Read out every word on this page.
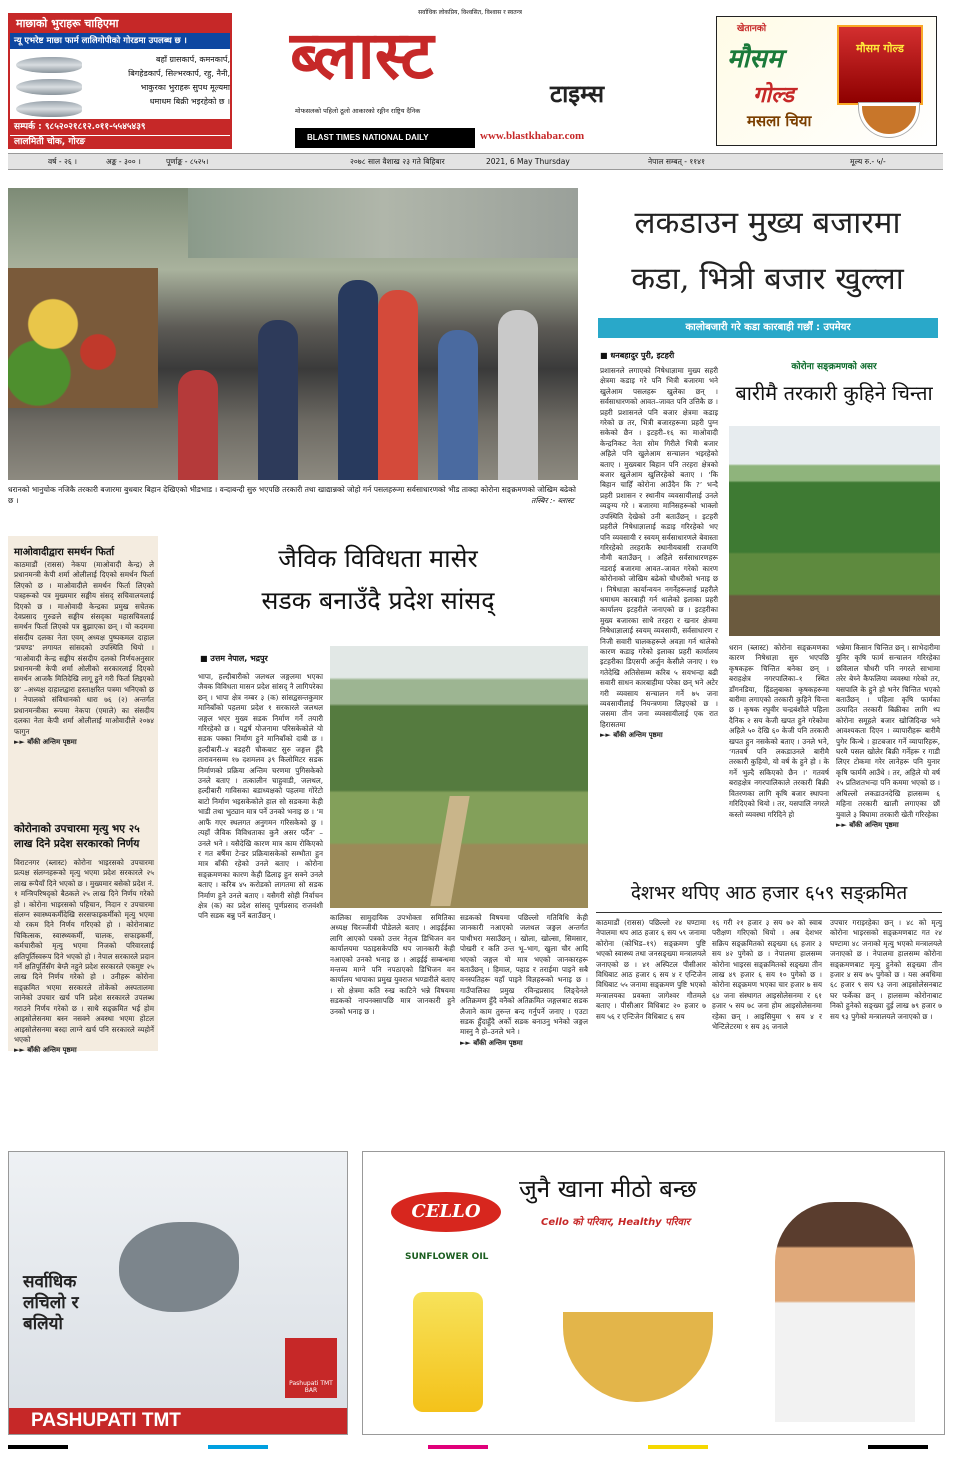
माछाको भुराहरू चाहिएमा
न्यू एभरेष्ट माछा फार्म लालिगोपीको गोरडमा उपलब्ध छ ।
बहाँ ग्रासकार्प, कमनकार्प,
बिगहेडकार्प, सिल्भरकार्प, रहु, नैनी,
भाकुरका भुराहरू सुपथ मूल्यमा
धमाधम बिक्री भइरहेको छ ।
सम्पर्क : ९८५२०२१८१२.०११-५५४५४३९
लालमिती चोक, गोरङ
सर्वाधिक लोकप्रिय, विश्वसित, विश्वास र स्वतन्त्र
ब्लास्ट	टाइम्स
मोफसलको पहिलो ठूलो आकारको रङ्गीन राष्ट्रिय दैनिक
BLAST TIMES NATIONAL DAILY	www.blastkhabar.com
खेतानको
मौसम
गोल्ड
मसला चिया
मौसम गोल्ड
वर्ष - २६ ।	अङ्क - ३०० ।	पूर्णाङ्क - ८५२५।	२०७८ साल वैशाख २३ गते बिहिबार	2021, 6 May Thursday	नेपाल सम्बत् - ११४१	मूल्य रु.- ५/-
धरानको भानुचोक नजिकै तरकारी बजारमा बुधबार बिहान देखिएको भीडभाड । वन्दाबन्दी सुरु भएपछि तरकारी तथा खाद्यान्नको जोहो गर्न पसलहरूमा सर्वसाधारणको भीड ताक्दा कोरोना सङ्क्रमणको जोखिम बढेको छ ।	तस्बिर :- ब्लास्ट
लकडाउन मुख्य बजारमा
कडा, भित्री बजार खुल्ला
कालोबजारी गरे कडा कारबाही गर्छौं : उपमेयर
■ धनबहादुर पुरी, इटहरी
प्रशासनले लगाएको निषेधाज्ञामा मुख्य सहरी क्षेत्रमा कडाइ गरे पनि भित्री बजारमा भने खुलेआम पसलहरू खुलेका छन् । सर्वसाधारणको आवत–जावत पनि उत्तिकै छ । प्रहरी प्रशासनले पनि बजार क्षेत्रमा कडाइ गरेको छ तर, भित्री बजारहरूमा प्रहरी पुग्न सकेको छैन । इटहरी–१६ का माओवादी केन्द्रनिकट नेता सोम गिरीले भित्री बजार अहिले पनि खुलेआम सन्चालन भइरहेको बताए । मुख्यबार बिहान पनि तरहरा क्षेत्रको बजार खुलेआम खुलिरहेको बताए । ‘कि बिहान चाहिँ कोरोना आउँदैन कि ?’ भन्दै प्रहरी प्रशासन र स्थानीय व्यवसायीलाई उनले व्यङ्ग्य गरे । बजारमा मानिसहरूको भाक्लो उपस्थिति देखेको उनी बताउँछन् । इटहरी प्रहरीले निषेधाज्ञालाई कडाइ गरिरहेको भए पनि व्यवसायी र स्वयम् सर्वसाधारणले बेवास्ता गरिरहेको तरहराकै स्थानीयबासी राजमणि नौमी बताउँछन् । अहिले सर्वसाधारणहरू नडराई बजारमा आवत–जावत गरेको कारण कोरोनाको जोखिम बढेको चौधरीको भनाइ छ । निषेधाज्ञा कार्यान्वयन नगर्नेहरूलाई प्रहरीले धमाधम कारबाही गर्न थालेको इलाका प्रहरी कार्यालय इटहरीले जनाएको छ । इटहरीका मुख्य बजारका साथै तरहरा र खनार क्षेत्रमा निषेधाज्ञालाई स्वयम् व्यवसायी, सर्वसाधारण र निजी सवारी चालकहरूले अवज्ञा गर्न थालेको कारण कडाइ गरेको इलाका प्रहरी कार्यालय इटहरीका डिएसपी अर्जुन केसीले जनाए । १७ गतेदेखि अतिसेसम्म करिब ५ सयभन्दा बढी सवारी साधन कारबाहीमा परेका छन् भने अटेर गरी व्यवसाय सन्चालन गर्ने ७५ जना व्यवसायीलाई नियन्त्रणमा लिइएको छ । जसमा तीन जना व्यवसायीलाई एक रात हिरासतमा
►► बाँकी अन्तिम पृष्ठमा
कोरोना सङ्क्रमणको असर
बारीमै तरकारी कुहिने चिन्ता
धरान (ब्लास्ट) कोरोना सङ्क्रमणका कारण निषेधाज्ञा सुरु भएपछि कृषकहरू चिन्तित बनेका छन् । बराहक्षेत्र नगरपालिका–१ स्थित डाँगनडिया, हिंडलुबाका कृषकहरूमा बारीमा लगाएको तरकारी कुहिने चिन्ता छ । कृषक रघुवीर चन्द्रबंशीले पहिला दैनिक २ सय केजी खपत हुने गरेकोमा अहिले ५० देखि ६० केजी पनि तरकारी खपत हुन नसकेको बताए । उनले भने, ‘गतवर्ष पनि लकडाउनले बारीमै तरकारी कुहियो, यो वर्ष के हुने हो । के गर्ने भुल्दै सकिएको छैन ।’ गतवर्ष बराहक्षेत्र नगरपालिकाले तरकारी बिक्री वितरणका लागि कृषि बजार स्थापना गरिदिएको थियो । तर, यसपालि नगरले कस्तो व्यवस्था गरिदिने हो
भन्नेमा किसान चिन्तित छन् । साभेदारीमा युनिर कृषि फार्म सन्चालन गरिरहेका छविलाल चौधरी पनि नगरले साभामा तरेर बेच्ने कैफलिया व्यवस्था गरेको तर, यसपालि के हुने हो भनेर चिन्तित भएको बताउँछन् । पहिला कृषि फार्मका उत्पादित तरकारी बिक्रीका लागि थ्प कोरोना समूहले बजार खोजिदिन्छ भने आवश्यकता दिएन । व्यापारीहरू बारीमै पुगेर किन्थे । हाटबजार गर्ने व्यापारिहरू, घरमै पसल खोलेर बिक्री गर्नेहरू र गाडी लिएर टोकमा गरेर लानेहरू पनि युनार कृषि फार्ममै आउँथे । तर, अहिले यो वर्ष २५ प्रतिशतभन्दा पनि कममा भएको छ । अघिल्लो लकडाउनदेखि हालसम्म ६ महिना तरकारी खाली लगाएका छौं युवाले ३ बिघामा तरकारी खेती गरिरहेका
►► बाँकी अन्तिम पृष्ठमा
देशभर थपिए आठ हजार ६५९ सङ्क्रमित
काठमाडौं (रासस) पछिल्लो २४ घण्टामा नेपालमा थप आठ हजार ६ सय ५९ जनामा कोरोना (कोभिड–१९) सङ्क्रमण पुष्टि भएको स्वास्थ्य तथा जनसङ्ख्या मन्त्रालयले जनाएको छ । ४१ अस्पिटल पीसीआर विधिबाट आठ हजार ६ सय ४ र एन्टिजेन विधिबाट ५५ जनामा सङ्क्रमण पुष्टि भएको मन्त्रालयका प्रवक्ता जागेश्वर गौतमले बताए । पीसीआर विधिबाट २० हजार ७ सय ५६ र एन्टिजेन विधिबाट ६ सय
१६ गरी २१ हजार ३ सय ७२ को स्वाब परीक्षण गरिएको थियो । अब देशभर सक्रिय सङ्क्रमितको सङ्ख्या ६६ हजार ३ सय ४२ पुगेको छ । नेपालमा हालसम्म कोरोना भाइरस सङ्क्रमितको सङ्ख्या तीन लाख ४९ हजार ६ सय १० पुगेको छ । कोरोना सङ्क्रमण भएका चार हजार ७ सय ६४ जना संस्थागत आइसोलेसनमा र ६१ हजार ५ सय ७८ जना होम आइसोलेसनमा रहेका छन् । आइसियुमा ९ सय ४ र भेन्टिलेटरमा १ सय ३६ जनाले
उपचार गराइरहेका छन् । ४८ को मृत्यु कोरोना भाइरसको सङ्क्रमणबाट गत २४ घण्टामा ४८ जनाको मृत्यु भएको मन्त्रालयले जनाएको छ । नेपालमा हालसम्म कोरोना सङ्क्रमणबाट मृत्यु हुनेको सङ्ख्या तीन हजार ४ सय ७५ पुगेको छ । यस अवधिमा ६८ हजार ९ सय ९३ जना आइसोलेसनबाट घर फर्केका छन् । हालसम्म कोरोनाबाट निको हुनेको सङ्ख्या दुई लाख ७९ हजार ७ सय ९३ पुगेको मन्त्रालयले जनाएको छ ।
माओवादीद्वारा समर्थन फिर्ता
काठमाडौं (रासस) नेकपा (माओवादी केन्द्र) ले प्रधानमन्त्री केपी शर्मा ओलीलाई दिएको समर्थन फिर्ता लिएको छ । माओवादीले समर्थन फिर्ता लिएको पत्रहरूको पत्र मुख्यमार सङ्घीय संसद् सचिवालयलाई दिएको छ । माओवादी केन्द्रका प्रमुख सचेतक देवप्रसाद गुरुङले सङ्घीय संसद्का महासचिवलाई समर्थन फिर्ता लिएको पत्र बुझाएका छन् । यो कदममा संसदीय दलका नेता एवम् अध्यक्ष पुष्पकमल दाहाल ‘प्रचण्ड’ लगायत सांसदको उपस्थिति थियो । ‘माओवादी केन्द्र सङ्घीय संसदीय दलको निर्णयअनुसार प्रधानमन्त्री केपी शर्मा ओलीको सरकारलाई दिएको समर्थन आजकै मितिदेखि लागू हुने गरी फिर्ता लिइएको छ’ –अध्यक्ष दाहालद्वारा हस्ताक्षरित पत्रमा भनिएको छ । नेपालको संविधानको धारा ७६ (२) अन्तर्गत प्रधानमन्त्रीका रूपमा नेकपा (एमाले) का संसदीय दलका नेता केपी शर्मा ओलीलाई माओवादीले २०७४ फागुन
►► बाँकी अन्तिम पृष्ठमा
कोरोनाको उपचारमा मृत्यु भए २५ लाख दिने प्रदेश सरकारको निर्णय
विराटनगर (ब्लास्ट) कोरोना भाइरसको उपचारमा प्रत्यक्ष संलग्नहरूको मृत्यु भएमा प्रदेश सरकारले २५ लाख रूपैयाँ दिने भएको छ । मुख्यमार बसेको प्रदेश नं. १ मन्त्रिपरिषद्को बैठकले २५ लाख दिने निर्णय गरेको हो । कोरोना भाइरसको पहिचान, निदान र उपचारमा संलग्न स्वास्थ्यकर्मीदेखि सरसफाइकर्मीको मृत्यु भएमा यो रकम दिने निर्णय गरिएको हो । कोरोनाबाट चिकित्सक, स्वास्थ्यकर्मी, चालक, सफाइकर्मी, कर्मचारीको मृत्यु भएमा निजको परिवारलाई क्षतिपूर्तिस्वरूप दिने भएको हो । नेपाल सरकारले प्रदान गर्ने क्षतिपूर्तिसँग बेग्लै नहुने प्रदेश सरकारले एकमुष्ट २५ लाख दिने निर्णय गरेको हो । उनीहरू कोरोना सङ्क्रमित भएमा सरकारले तोकेको अस्पतालमा जानेको उपचार खर्च पनि प्रदेश सरकारले उपलब्ध गराउने निर्णय गरेको छ । साथै सङ्क्रमित भई होम आइसोलेसनमा बस्न नसक्ने अवस्था भएमा होटल आइसोलेसनमा बस्दा लाग्ने खर्च पनि सरकारले व्यहोर्ने भएको
►► बाँकी अन्तिम पृष्ठमा
जैविक विविधता मासेर
सडक बनाउँदै प्रदेश सांसद्
■ उत्तम नेपाल, भद्रपुर
भापा, हल्दीबारीको जलथल जङ्गलमा भएका जैवक विविधता मासन प्रदेश सांसद् नै लागिपरेका छन् । भापा क्षेत्र नम्बर ३ (क) सांसद्वसन्तकुमार मानिबाँको पहलमा प्रदेश १ सरकारले जलथल जङ्गल भएर मुख्य सडक निर्माण गर्ने तयारी गरिरहेको छ । यद्वर्ष योजनामा परिसकेकोले यो सडक पक्का निर्माण हुने मानिबाँको दाबी छ । हल्दीबारी–४ बडहरी चौकबाट सुरु जङ्गल हुँदै तारावनसम्म १७ दशमलव ३९ किलोमिटर सडक निर्माणको प्रक्रिया अन्तिम चरणमा पुगिसकेको उनले बताए । तत्कालीन चाहुवाडी, जलथल, हल्दीबारी गाविसका बडाध्यक्षको पहलमा गोरेटो बाटो निर्माण भइसकेकोले हाल सो सडकमा केही भाडी तथा भुट्यान मात्र पर्ने उनको भनाइ छ । ‘म आफैं गएर स्थलगत अनुगमन गरिसकेको छु । त्यहाँ जैविक विविधताका कुनै असर पर्दैन’ –उनले भने । यसैदेखि कारण मात्र काम रोकिएको र गत बर्षैमा टेन्डर प्रक्रियासकेको सम्भौता हुन मात्र बाँकी रहेको उनले बताए । कोरोना सङ्क्रमणका कारण केही ढिलाइ हुन सक्ने उनले बताए । करिब ४५ करोडको लागतमा सो सडक निर्माण हुने उनले बताए । यसैगरी सोही निर्वाचन क्षेत्र (क) का प्रदेश सांसद् पूर्णप्रसाद राजवंशी पनि सडक बन्नु पर्ने बताउँछन् ।	कालिका सामुदायिक उपभोक्ता समितिका अध्यक्ष चिरञ्जीवी पौडेलले बताए । आइईईका लागि आएको पत्रको उत्तर नेतृत्व डिभिजन वन कार्यालयमा पठाइसकेपछि थप जानकारी केही नआएको उनको भनाइ छ । आइईई सम्बन्धमा मन्तव्य माग्ने पनि नपठाएको डिभिजन वन कार्यालय भापाका प्रमुख युवराज भण्डारीले बताए । सो क्षेत्रमा कति रुख काटिने भन्ने विषयमा सडकको नापनक्सापछि मात्र जानकारी हुने उनको भनाइ छ ।
सडकको विषयमा पछिल्लो गतिविधि केही जानकारी नआएको जलथल जङ्गल अन्तर्गत पाथीभरा मसाउँछन् । खोला, खोल्सा, सिमसार, पोखरी र कति उन्त भू–भाग, खुला चौर आदि भएको जङ्गल यो मात्र भएको जानकारहरू बताउँछन् । हिमाल, पहाड र तराईमा पाइने सबै वनस्पतिहरू यहाँ पाइने विज्ञहरूको भनाइ छ । गाउँपालिका प्रमुख रविन्द्रप्रसाद लिङ्देनले अतिक्रमण हुँदै वनैको अतिक्रमित जङ्गलबाट सडक लैजाने काम तुरुन्त बन्द गर्नुपर्ने जनाए । एउटा सडक हुँदाहुँदै अर्को सडक बनाउनु भनेको जङ्गल मास्नु नै हो–उनले भने ।
►► बाँकी अन्तिम पृष्ठमा
सर्वाधिक
लचिलो र
बलियो
Pashupati TMT BAR
PASHUPATI TMT
CELLO
SUNFLOWER OIL
जुनै खाना मीठो बन्छ
Cello को परिवार, Healthy परिवार
